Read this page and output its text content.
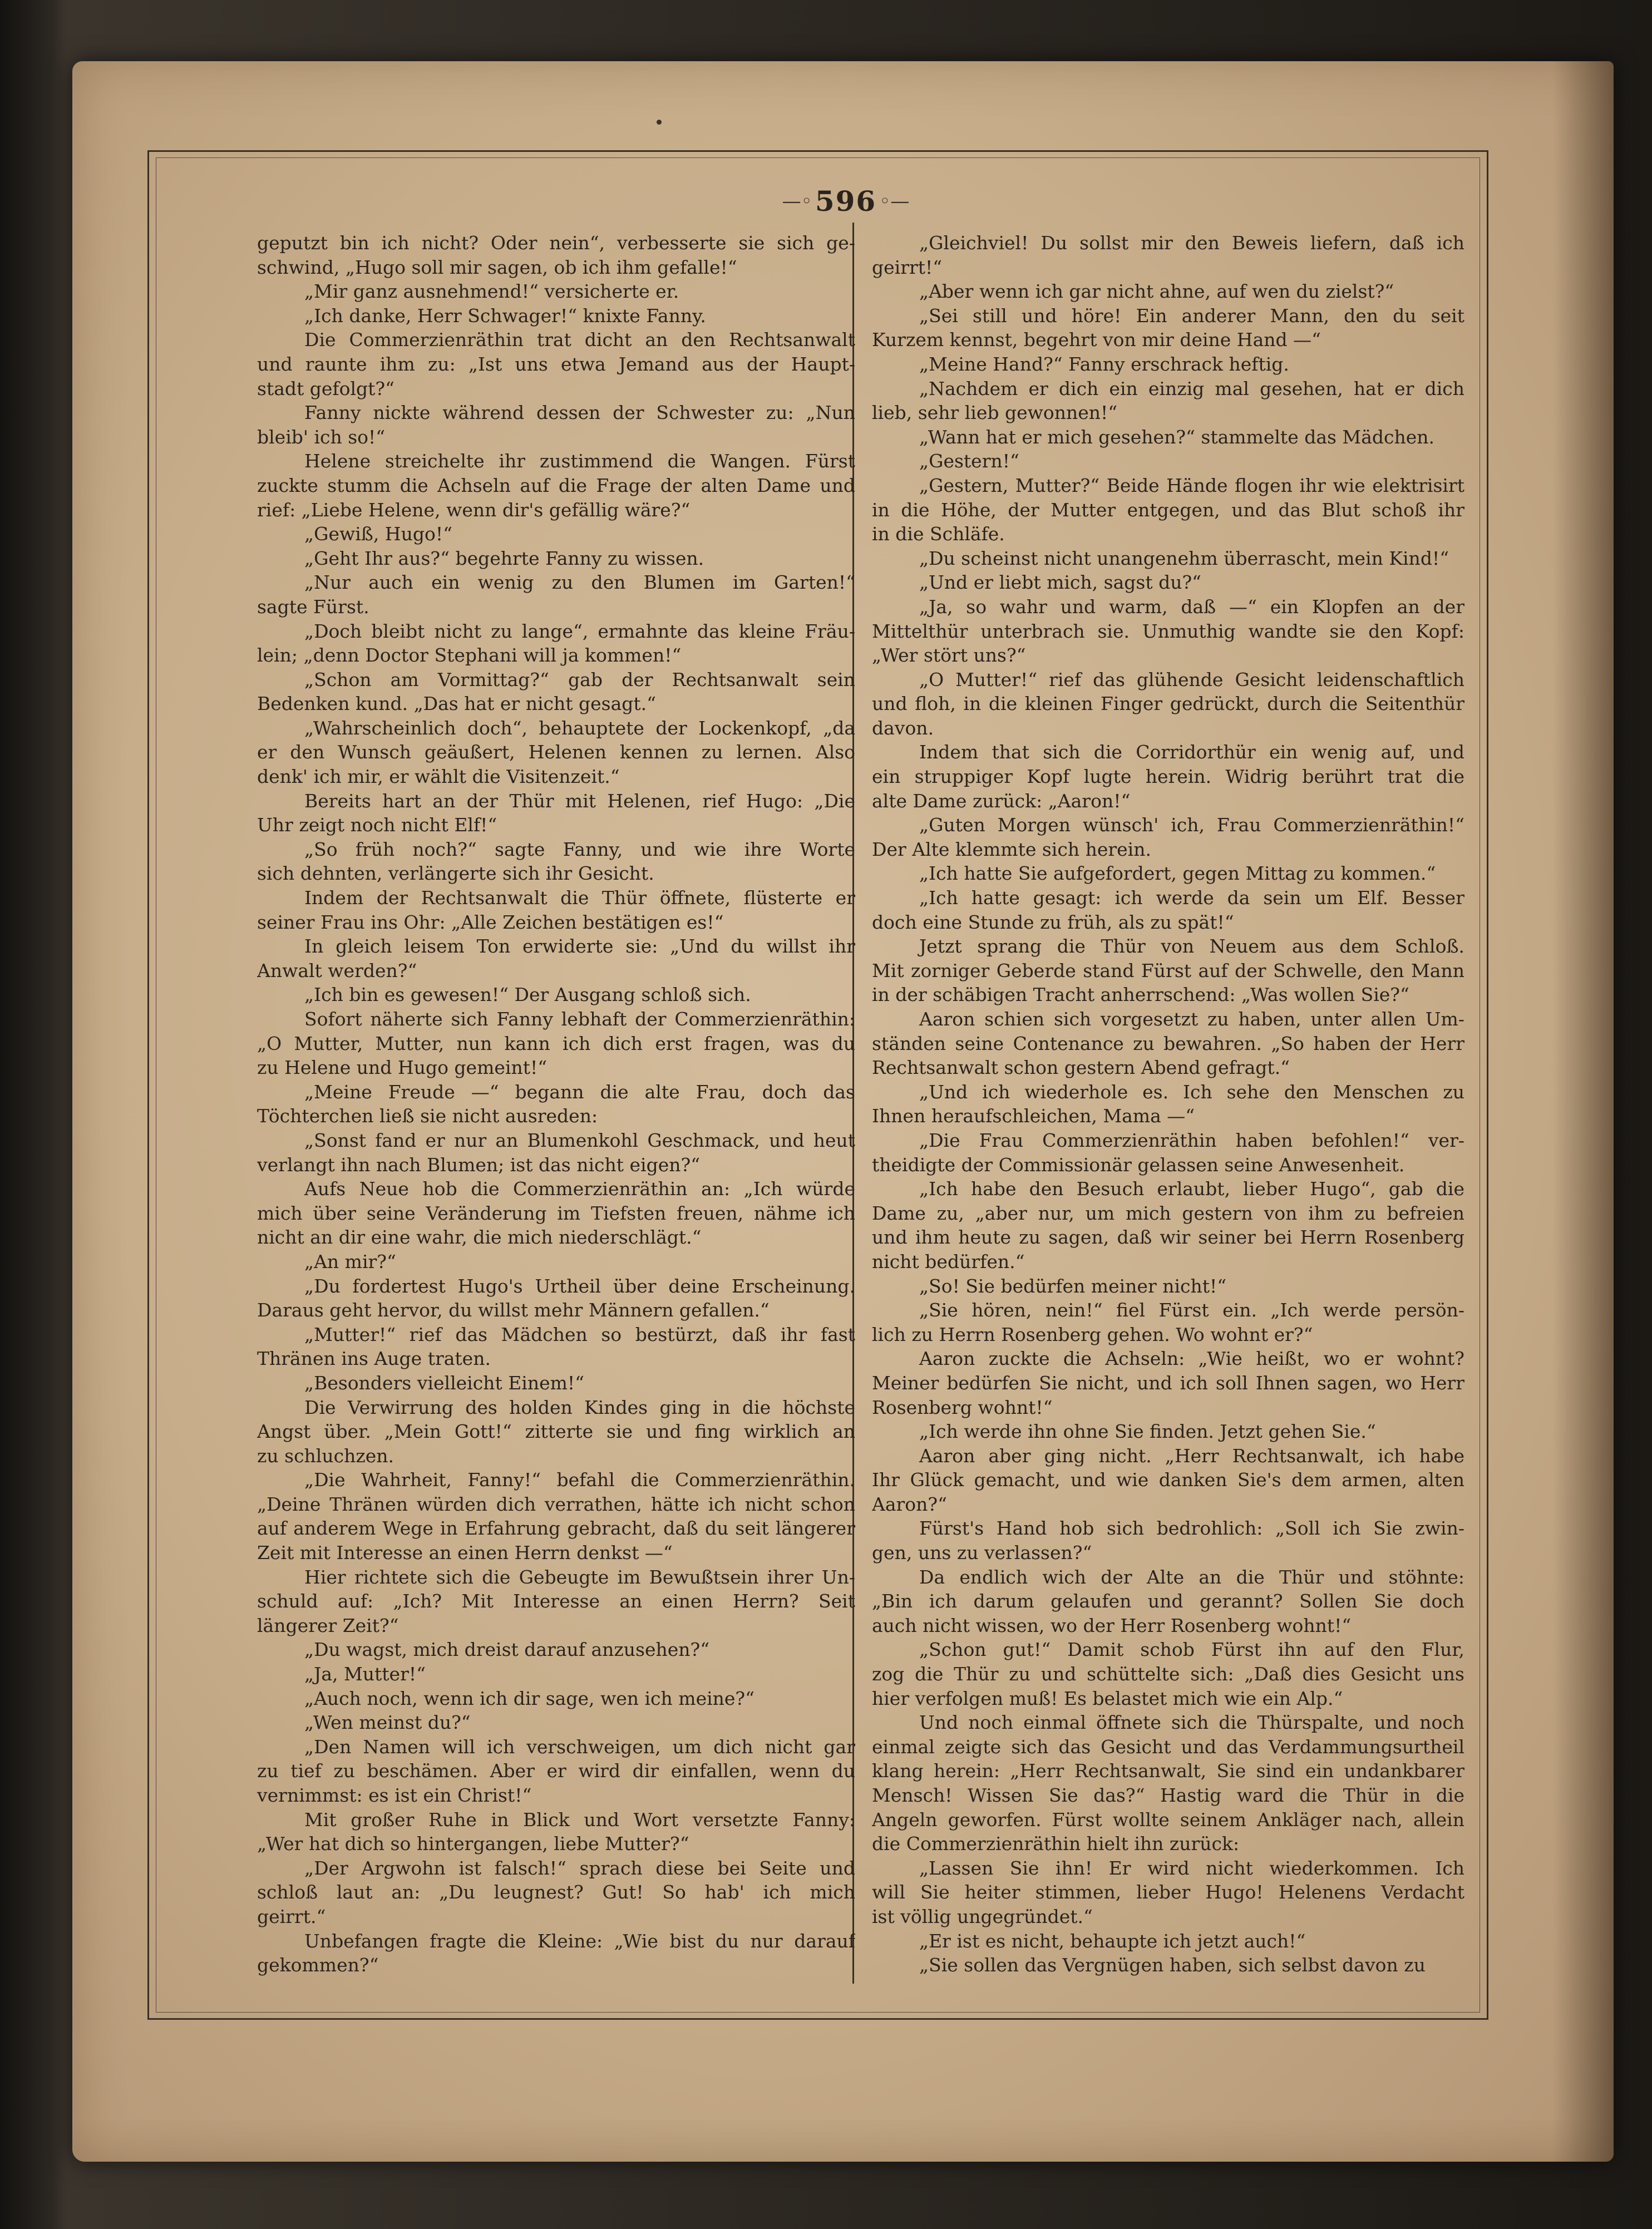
—◦ 596 ◦—
geputzt bin ich nicht? Oder nein“, verbesserte sie sich ge-
schwind, „Hugo soll mir sagen, ob ich ihm gefalle!“
„Mir ganz ausnehmend!“ versicherte er.
„Ich danke, Herr Schwager!“ knixte Fanny.
Die Commerzienräthin trat dicht an den Rechtsanwalt
und raunte ihm zu: „Ist uns etwa Jemand aus der Haupt-
stadt gefolgt?“
Fanny nickte während dessen der Schwester zu: „Nun
bleib' ich so!“
Helene streichelte ihr zustimmend die Wangen. Fürst
zuckte stumm die Achseln auf die Frage der alten Dame und
rief: „Liebe Helene, wenn dir's gefällig wäre?“
„Gewiß, Hugo!“
„Geht Ihr aus?“ begehrte Fanny zu wissen.
„Nur auch ein wenig zu den Blumen im Garten!“
sagte Fürst.
„Doch bleibt nicht zu lange“, ermahnte das kleine Fräu-
lein; „denn Doctor Stephani will ja kommen!“
„Schon am Vormittag?“ gab der Rechtsanwalt sein
Bedenken kund. „Das hat er nicht gesagt.“
„Wahrscheinlich doch“, behauptete der Lockenkopf, „da
er den Wunsch geäußert, Helenen kennen zu lernen. Also
denk' ich mir, er wählt die Visitenzeit.“
Bereits hart an der Thür mit Helenen, rief Hugo: „Die
Uhr zeigt noch nicht Elf!“
„So früh noch?“ sagte Fanny, und wie ihre Worte
sich dehnten, verlängerte sich ihr Gesicht.
Indem der Rechtsanwalt die Thür öffnete, flüsterte er
seiner Frau ins Ohr: „Alle Zeichen bestätigen es!“
In gleich leisem Ton erwiderte sie: „Und du willst ihr
Anwalt werden?“
„Ich bin es gewesen!“ Der Ausgang schloß sich.
Sofort näherte sich Fanny lebhaft der Commerzienräthin:
„O Mutter, Mutter, nun kann ich dich erst fragen, was du
zu Helene und Hugo gemeint!“
„Meine Freude —“ begann die alte Frau, doch das
Töchterchen ließ sie nicht ausreden:
„Sonst fand er nur an Blumenkohl Geschmack, und heut
verlangt ihn nach Blumen; ist das nicht eigen?“
Aufs Neue hob die Commerzienräthin an: „Ich würde
mich über seine Veränderung im Tiefsten freuen, nähme ich
nicht an dir eine wahr, die mich niederschlägt.“
„An mir?“
„Du fordertest Hugo's Urtheil über deine Erscheinung.
Daraus geht hervor, du willst mehr Männern gefallen.“
„Mutter!“ rief das Mädchen so bestürzt, daß ihr fast
Thränen ins Auge traten.
„Besonders vielleicht Einem!“
Die Verwirrung des holden Kindes ging in die höchste
Angst über. „Mein Gott!“ zitterte sie und fing wirklich an
zu schluchzen.
„Die Wahrheit, Fanny!“ befahl die Commerzienräthin.
„Deine Thränen würden dich verrathen, hätte ich nicht schon
auf anderem Wege in Erfahrung gebracht, daß du seit längerer
Zeit mit Interesse an einen Herrn denkst —“
Hier richtete sich die Gebeugte im Bewußtsein ihrer Un-
schuld auf: „Ich? Mit Interesse an einen Herrn? Seit
längerer Zeit?“
„Du wagst, mich dreist darauf anzusehen?“
„Ja, Mutter!“
„Auch noch, wenn ich dir sage, wen ich meine?“
„Wen meinst du?“
„Den Namen will ich verschweigen, um dich nicht gar
zu tief zu beschämen. Aber er wird dir einfallen, wenn du
vernimmst: es ist ein Christ!“
Mit großer Ruhe in Blick und Wort versetzte Fanny:
„Wer hat dich so hintergangen, liebe Mutter?“
„Der Argwohn ist falsch!“ sprach diese bei Seite und
schloß laut an: „Du leugnest? Gut! So hab' ich mich
geirrt.“
Unbefangen fragte die Kleine: „Wie bist du nur darauf
gekommen?“
„Gleichviel! Du sollst mir den Beweis liefern, daß ich
geirrt!“
„Aber wenn ich gar nicht ahne, auf wen du zielst?“
„Sei still und höre! Ein anderer Mann, den du seit
Kurzem kennst, begehrt von mir deine Hand —“
„Meine Hand?“ Fanny erschrack heftig.
„Nachdem er dich ein einzig mal gesehen, hat er dich
lieb, sehr lieb gewonnen!“
„Wann hat er mich gesehen?“ stammelte das Mädchen.
„Gestern!“
„Gestern, Mutter?“ Beide Hände flogen ihr wie elektrisirt
in die Höhe, der Mutter entgegen, und das Blut schoß ihr
in die Schläfe.
„Du scheinst nicht unangenehm überrascht, mein Kind!“
„Und er liebt mich, sagst du?“
„Ja, so wahr und warm, daß —“ ein Klopfen an der
Mittelthür unterbrach sie. Unmuthig wandte sie den Kopf:
„Wer stört uns?“
„O Mutter!“ rief das glühende Gesicht leidenschaftlich
und floh, in die kleinen Finger gedrückt, durch die Seitenthür
davon.
Indem that sich die Corridorthür ein wenig auf, und
ein struppiger Kopf lugte herein. Widrig berührt trat die
alte Dame zurück: „Aaron!“
„Guten Morgen wünsch' ich, Frau Commerzienräthin!“
Der Alte klemmte sich herein.
„Ich hatte Sie aufgefordert, gegen Mittag zu kommen.“
„Ich hatte gesagt: ich werde da sein um Elf. Besser
doch eine Stunde zu früh, als zu spät!“
Jetzt sprang die Thür von Neuem aus dem Schloß.
Mit zorniger Geberde stand Fürst auf der Schwelle, den Mann
in der schäbigen Tracht anherrschend: „Was wollen Sie?“
Aaron schien sich vorgesetzt zu haben, unter allen Um-
ständen seine Contenance zu bewahren. „So haben der Herr
Rechtsanwalt schon gestern Abend gefragt.“
„Und ich wiederhole es. Ich sehe den Menschen zu
Ihnen heraufschleichen, Mama —“
„Die Frau Commerzienräthin haben befohlen!“ ver-
theidigte der Commissionär gelassen seine Anwesenheit.
„Ich habe den Besuch erlaubt, lieber Hugo“, gab die
Dame zu, „aber nur, um mich gestern von ihm zu befreien
und ihm heute zu sagen, daß wir seiner bei Herrn Rosenberg
nicht bedürfen.“
„So! Sie bedürfen meiner nicht!“
„Sie hören, nein!“ fiel Fürst ein. „Ich werde persön-
lich zu Herrn Rosenberg gehen. Wo wohnt er?“
Aaron zuckte die Achseln: „Wie heißt, wo er wohnt?
Meiner bedürfen Sie nicht, und ich soll Ihnen sagen, wo Herr
Rosenberg wohnt!“
„Ich werde ihn ohne Sie finden. Jetzt gehen Sie.“
Aaron aber ging nicht. „Herr Rechtsanwalt, ich habe
Ihr Glück gemacht, und wie danken Sie's dem armen, alten
Aaron?“
Fürst's Hand hob sich bedrohlich: „Soll ich Sie zwin-
gen, uns zu verlassen?“
Da endlich wich der Alte an die Thür und stöhnte:
„Bin ich darum gelaufen und gerannt? Sollen Sie doch
auch nicht wissen, wo der Herr Rosenberg wohnt!“
„Schon gut!“ Damit schob Fürst ihn auf den Flur,
zog die Thür zu und schüttelte sich: „Daß dies Gesicht uns
hier verfolgen muß! Es belastet mich wie ein Alp.“
Und noch einmal öffnete sich die Thürspalte, und noch
einmal zeigte sich das Gesicht und das Verdammungsurtheil
klang herein: „Herr Rechtsanwalt, Sie sind ein undankbarer
Mensch! Wissen Sie das?“ Hastig ward die Thür in die
Angeln geworfen. Fürst wollte seinem Ankläger nach, allein
die Commerzienräthin hielt ihn zurück:
„Lassen Sie ihn! Er wird nicht wiederkommen. Ich
will Sie heiter stimmen, lieber Hugo! Helenens Verdacht
ist völlig ungegründet.“
„Er ist es nicht, behaupte ich jetzt auch!“
„Sie sollen das Vergnügen haben, sich selbst davon zu
